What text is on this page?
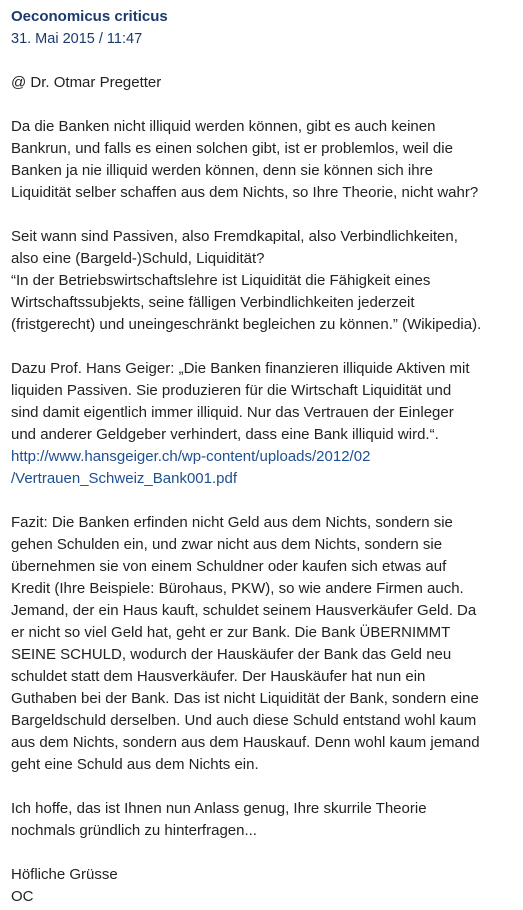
Oeconomicus criticus
31. Mai 2015 / 11:47

@ Dr. Otmar Pregetter

Da die Banken nicht illiquid werden können, gibt es auch keinen
Bankrun, und falls es einen solchen gibt, ist er problemlos, weil die
Banken ja nie illiquid werden können, denn sie können sich ihre
Liquidität selber schaffen aus dem Nichts, so Ihre Theorie, nicht wahr?

Seit wann sind Passiven, also Fremdkapital, also Verbindlichkeiten,
also eine (Bargeld-)Schuld, Liquidität?
“In der Betriebswirtschaftslehre ist Liquidität die Fähigkeit eines
Wirtschaftssubjekts, seine fälligen Verbindlichkeiten jederzeit
(fristgerecht) und uneingeschränkt begleichen zu können.” (Wikipedia).

Dazu Prof. Hans Geiger: „Die Banken finanzieren illiquide Aktiven mit
liquiden Passiven. Sie produzieren für die Wirtschaft Liquidität und
sind damit eigentlich immer illiquid. Nur das Vertrauen der Einleger
und anderer Geldgeber verhindert, dass eine Bank illiquid wird.“.
http://www.hansgeiger.ch/wp-content/uploads/2012/02
/Vertrauen_Schweiz_Bank001.pdf

Fazit: Die Banken erfinden nicht Geld aus dem Nichts, sondern sie
gehen Schulden ein, und zwar nicht aus dem Nichts, sondern sie
übernehmen sie von einem Schuldner oder kaufen sich etwas auf
Kredit (Ihre Beispiele: Bürohaus, PKW), so wie andere Firmen auch.
Jemand, der ein Haus kauft, schuldet seinem Hausverkäufer Geld. Da
er nicht so viel Geld hat, geht er zur Bank. Die Bank ÜBERNIMMT
SEINE SCHULD, wodurch der Hauskäufer der Bank das Geld neu
schuldet statt dem Hausverkäufer. Der Hauskäufer hat nun ein
Guthaben bei der Bank. Das ist nicht Liquidität der Bank, sondern eine
Bargeldschuld derselben. Und auch diese Schuld entstand wohl kaum
aus dem Nichts, sondern aus dem Hauskauf. Denn wohl kaum jemand
geht eine Schuld aus dem Nichts ein.

Ich hoffe, das ist Ihnen nun Anlass genug, Ihre skurrile Theorie
nochmals gründlich zu hinterfragen...

Höfliche Grüsse
OC
